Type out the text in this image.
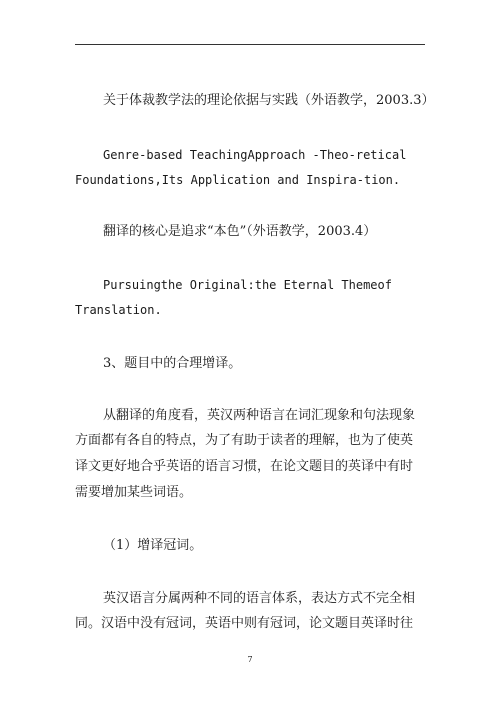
关于体裁教学法的理论依据与实践（外语教学，2003.3）
Genre-based TeachingApproach -Theo-retical
Foundations,Its Application and Inspira-tion.
翻译的核心是追求“本色”（外语教学，2003.4）
Pursuingthe Original:the Eternal Themeof
Translation.
3、题目中的合理增译。
从翻译的角度看，英汉两种语言在词汇现象和句法现象
方面都有各自的特点，为了有助于读者的理解，也为了使英
译文更好地合乎英语的语言习惯，在论文题目的英译中有时
需要增加某些词语。
（1）增译冠词。
英汉语言分属两种不同的语言体系，表达方式不完全相
同。汉语中没有冠词，英语中则有冠词，论文题目英译时往
7
